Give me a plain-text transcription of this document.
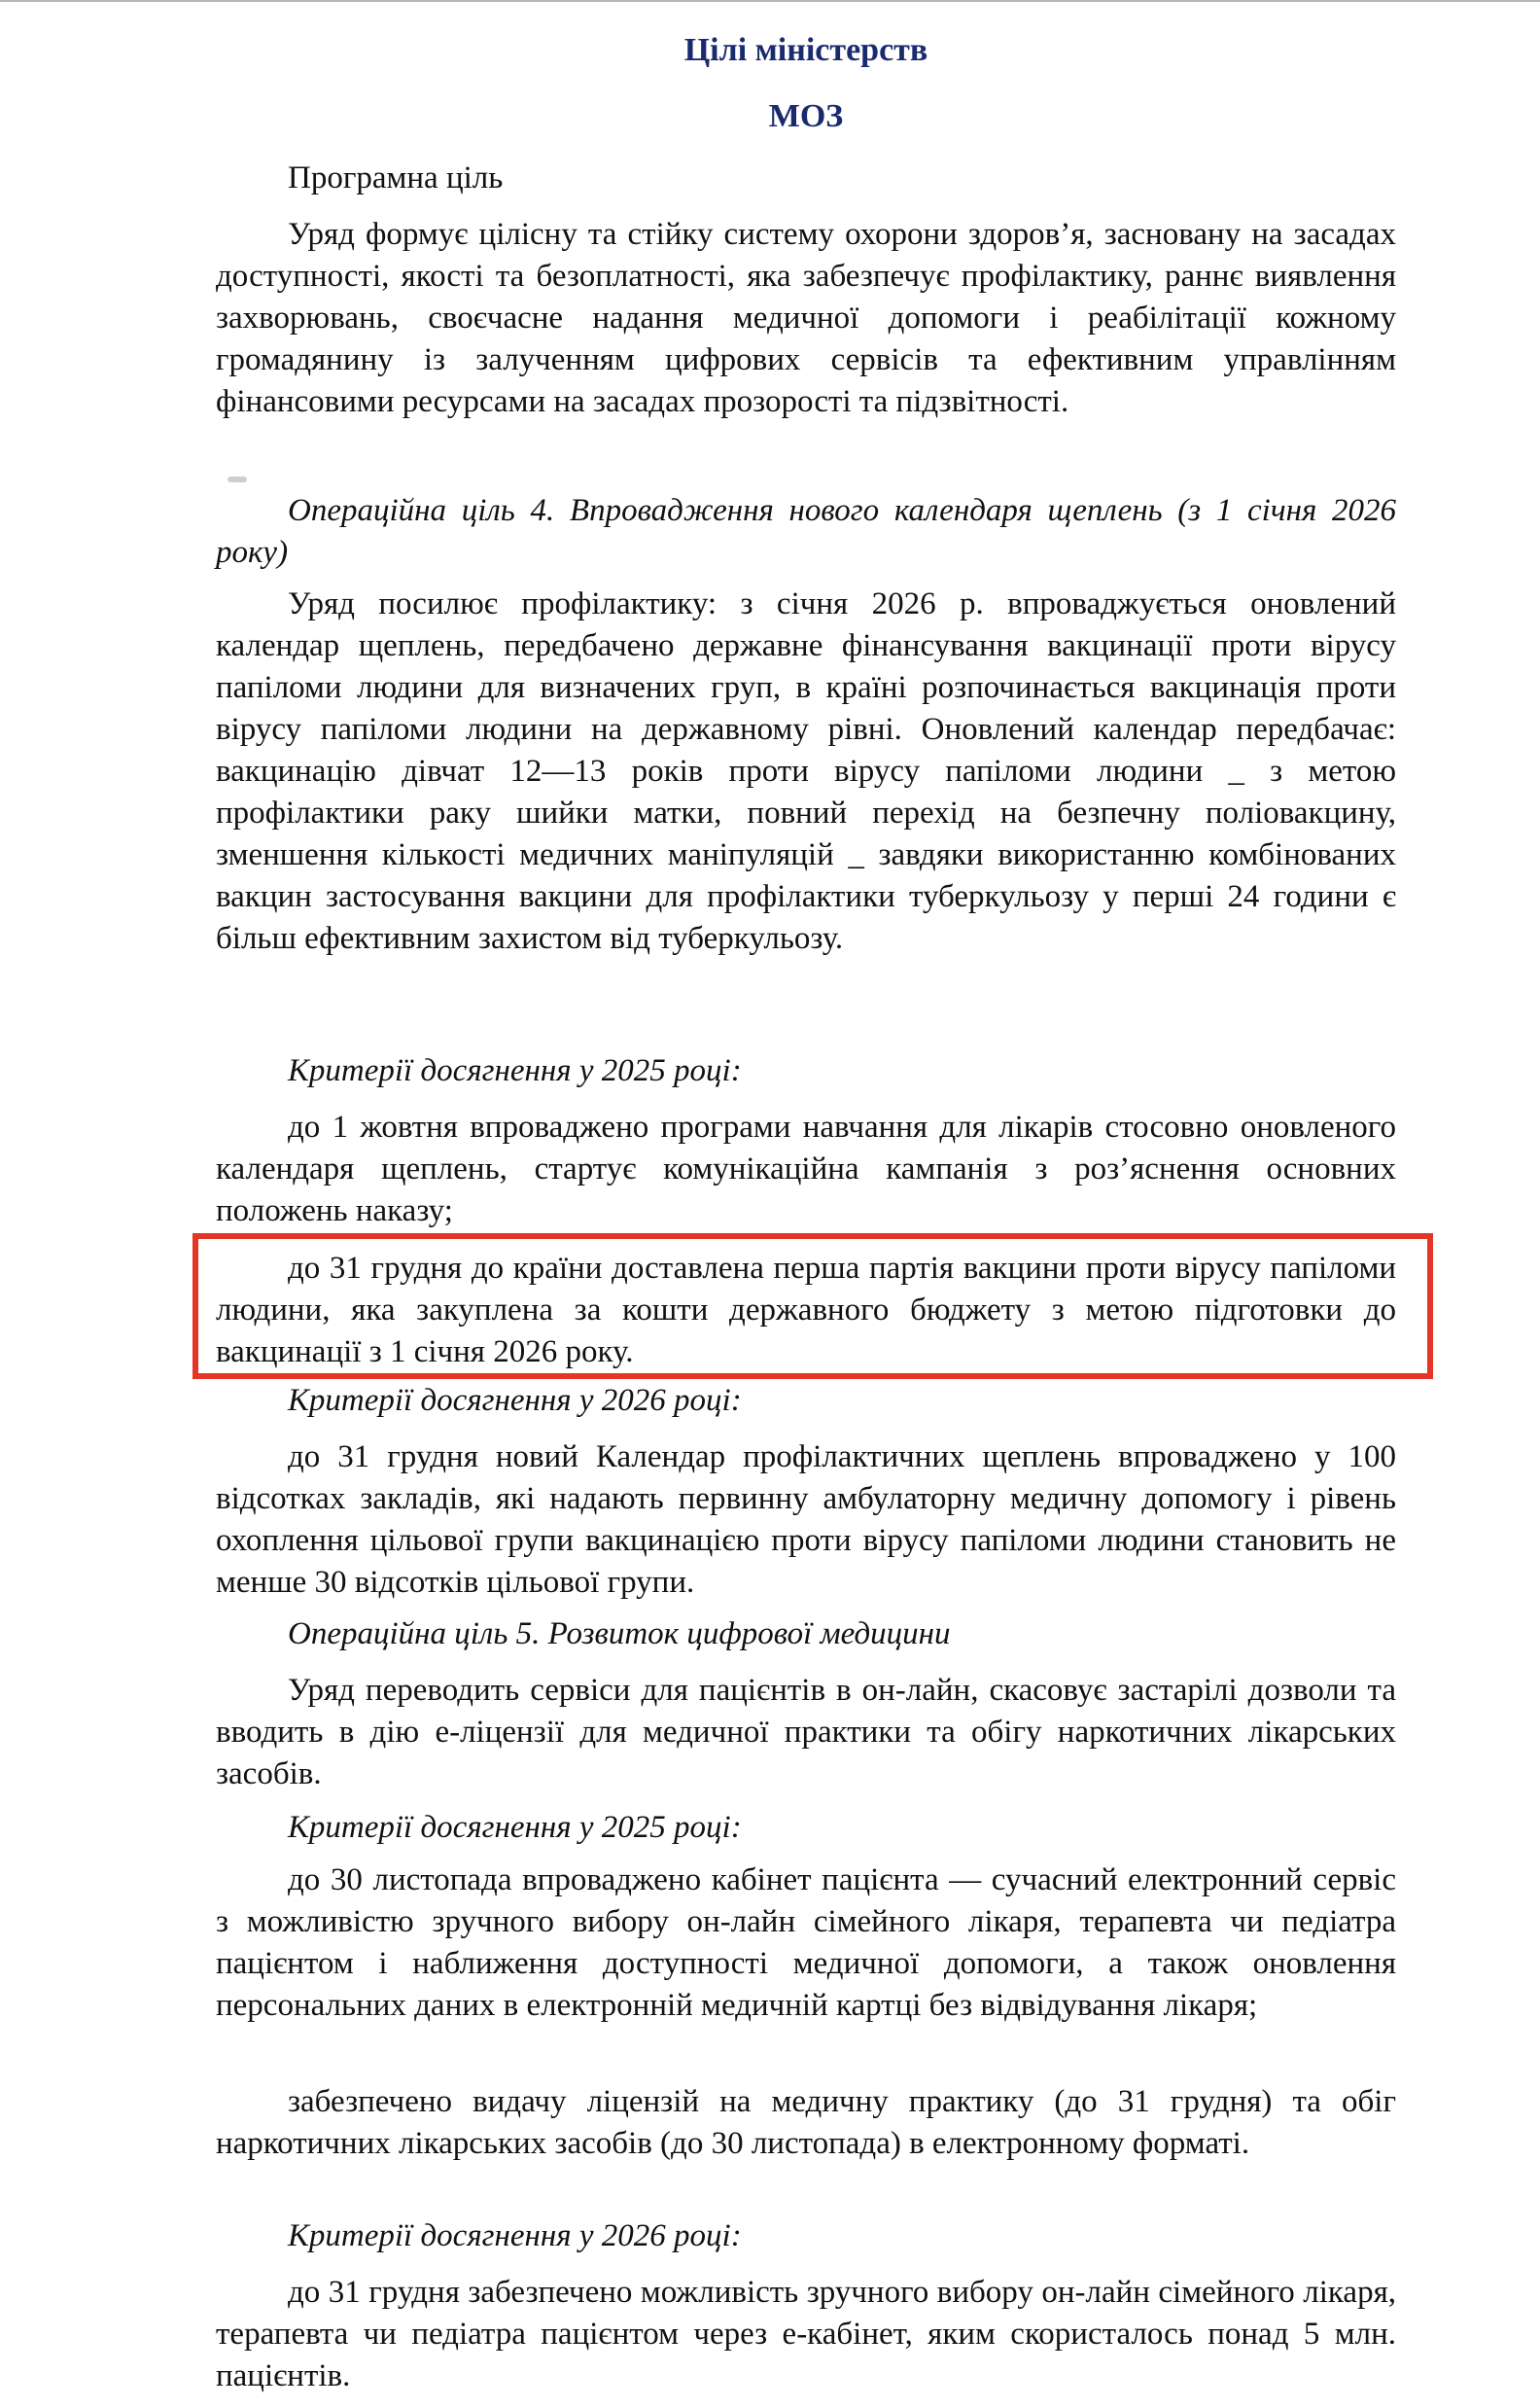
Цілі міністерств
МОЗ

Програмна ціль

Уряд формує цілісну та стійку систему охорони здоров’я, засновану на засадах доступності, якості та безоплатності, яка забезпечує профілактику, раннє виявлення захворювань, своєчасне надання медичної допомоги і реабілітації кожному громадянину із залученням цифрових сервісів та ефективним управлінням фінансовими ресурсами на засадах прозорості та підзвітності.

Операційна ціль 4. Впровадження нового календаря щеплень (з 1 січня 2026 року)

Уряд посилює профілактику: з січня 2026 р. впроваджується оновлений календар щеплень, передбачено державне фінансування вакцинації проти вірусу папіломи людини для визначених груп, в країні розпочинається вакцинація проти вірусу папіломи людини на державному рівні. Оновлений календар передбачає: вакцинацію дівчат 12—13 років проти вірусу папіломи людини _ з метою профілактики раку шийки матки, повний перехід на безпечну поліовакцину, зменшення кількості медичних маніпуляцій _ завдяки використанню комбінованих вакцин застосування вакцини для профілактики туберкульозу у перші 24 години є більш ефективним захистом від туберкульозу.

Критерії досягнення у 2025 році:

до 1 жовтня впроваджено програми навчання для лікарів стосовно оновленого календаря щеплень, стартує комунікаційна кампанія з роз’яснення основних положень наказу;

до 31 грудня до країни доставлена перша партія вакцини проти вірусу папіломи людини, яка закуплена за кошти державного бюджету з метою підготовки до вакцинації з 1 січня 2026 року.

Критерії досягнення у 2026 році:

до 31 грудня новий Календар профілактичних щеплень впроваджено у 100 відсотках закладів, які надають первинну амбулаторну медичну допомогу і рівень охоплення цільової групи вакцинацією проти вірусу папіломи людини становить не менше 30 відсотків цільової групи.

Операційна ціль 5. Розвиток цифрової медицини

Уряд переводить сервіси для пацієнтів в он-лайн, скасовує застарілі дозволи та вводить в дію е-ліцензії для медичної практики та обігу наркотичних лікарських засобів.

Критерії досягнення у 2025 році:

до 30 листопада впроваджено кабінет пацієнта — сучасний електронний сервіс з можливістю зручного вибору он-лайн сімейного лікаря, терапевта чи педіатра пацієнтом і наближення доступності медичної допомоги, а також оновлення персональних даних в електронній медичній картці без відвідування лікаря;

забезпечено видачу ліцензій на медичну практику (до 31 грудня) та обіг наркотичних лікарських засобів (до 30 листопада) в електронному форматі.

Критерії досягнення у 2026 році:

до 31 грудня забезпечено можливість зручного вибору он-лайн сімейного лікаря, терапевта чи педіатра пацієнтом через е-кабінет, яким скористалось понад 5 млн. пацієнтів.
